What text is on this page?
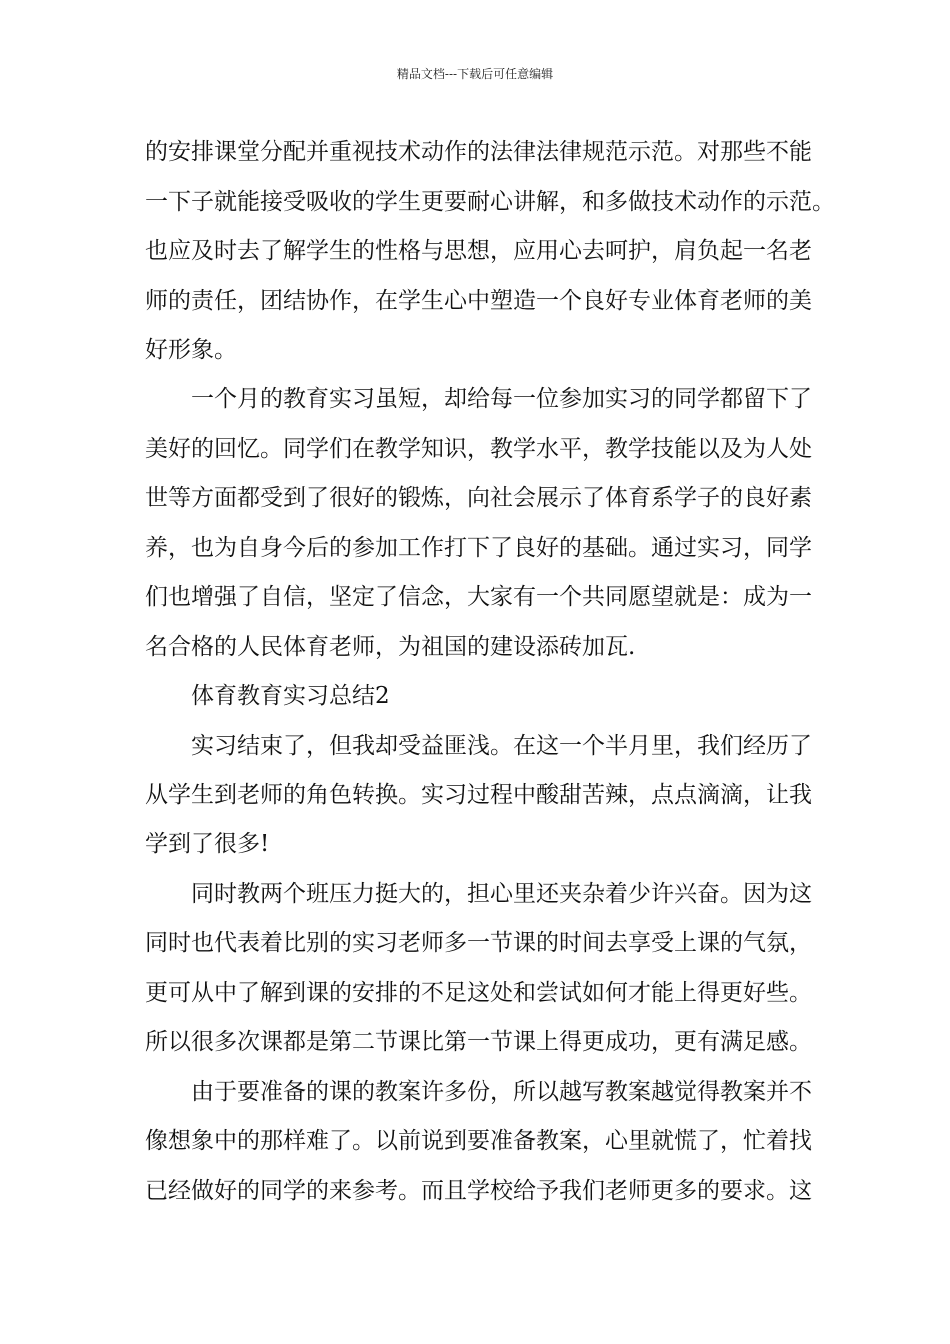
精品文档---下载后可任意编辑
的安排课堂分配并重视技术动作的法律法律规范示范。对那些不能
一下子就能接受吸收的学生更要耐心讲解，和多做技术动作的示范。
也应及时去了解学生的性格与思想，应用心去呵护，肩负起一名老
师的责任，团结协作，在学生心中塑造一个良好专业体育老师的美
好形象。
一个月的教育实习虽短，却给每一位参加实习的同学都留下了
美好的回忆。同学们在教学知识，教学水平，教学技能以及为人处
世等方面都受到了很好的锻炼，向社会展示了体育系学子的良好素
养，也为自身今后的参加工作打下了良好的基础。通过实习，同学
们也增强了自信，坚定了信念，大家有一个共同愿望就是：成为一
名合格的人民体育老师，为祖国的建设添砖加瓦.
体育教育实习总结2
实习结束了，但我却受益匪浅。在这一个半月里，我们经历了
从学生到老师的角色转换。实习过程中酸甜苦辣，点点滴滴，让我
学到了很多!
同时教两个班压力挺大的，担心里还夹杂着少许兴奋。因为这
同时也代表着比别的实习老师多一节课的时间去享受上课的气氛，
更可从中了解到课的安排的不足这处和尝试如何才能上得更好些。
所以很多次课都是第二节课比第一节课上得更成功，更有满足感。
由于要准备的课的教案许多份，所以越写教案越觉得教案并不
像想象中的那样难了。以前说到要准备教案，心里就慌了，忙着找
已经做好的同学的来参考。而且学校给予我们老师更多的要求。这
